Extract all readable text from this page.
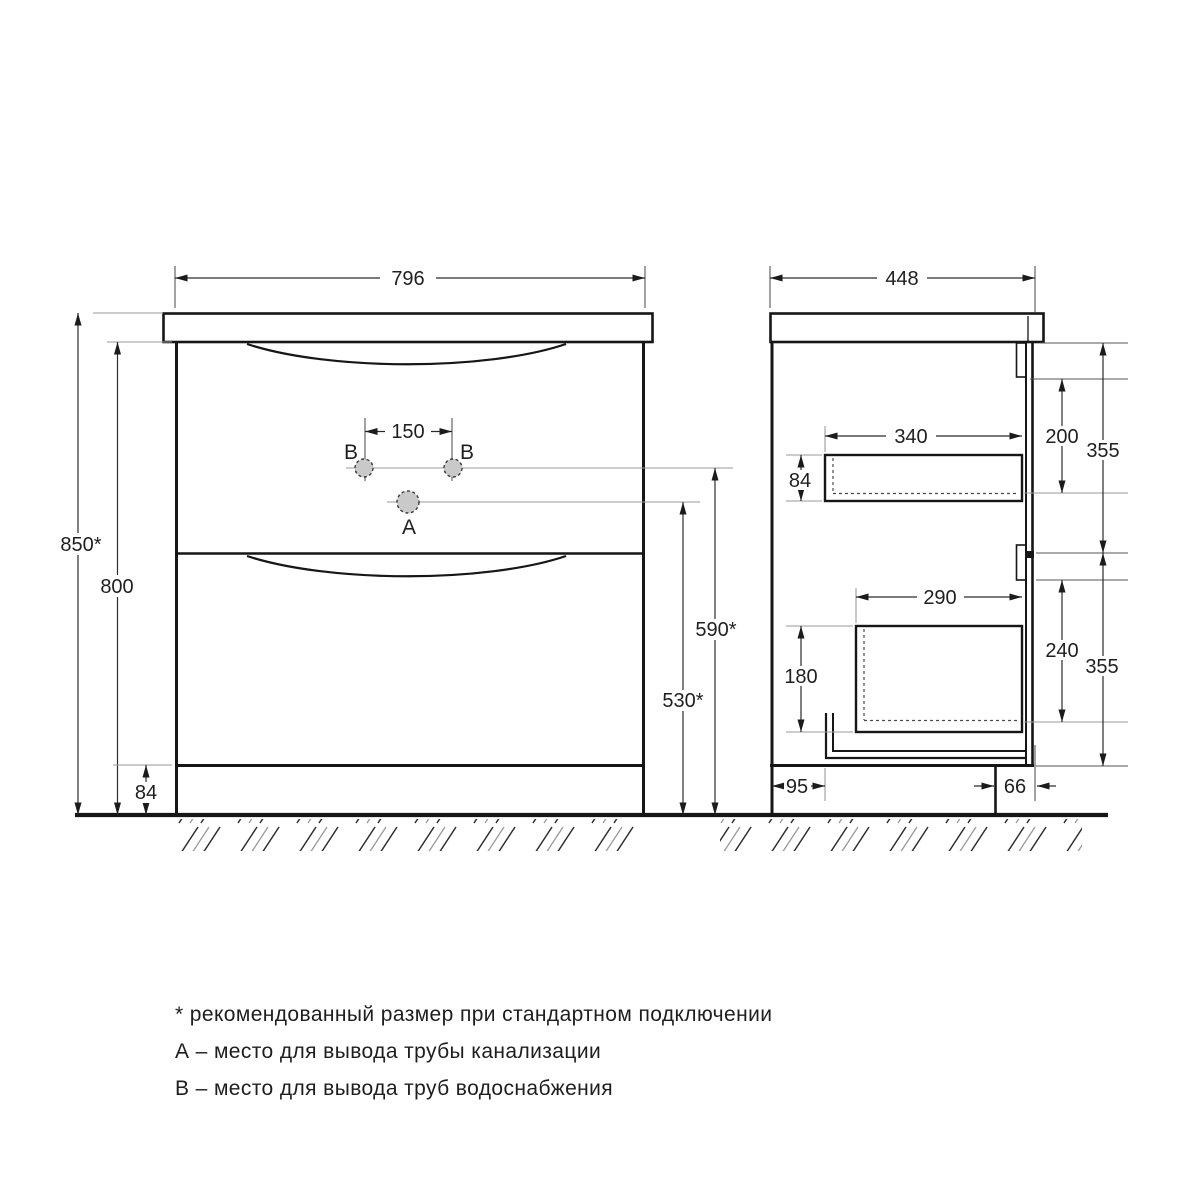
150
В	В
А
796
850*
800
84
590*
530*
448
340
84
200
355
290
180
240
355
95	66
* рекомендованный размер при стандартном подключении
А – место для вывода трубы канализации
В – место для вывода труб водоснабжения
